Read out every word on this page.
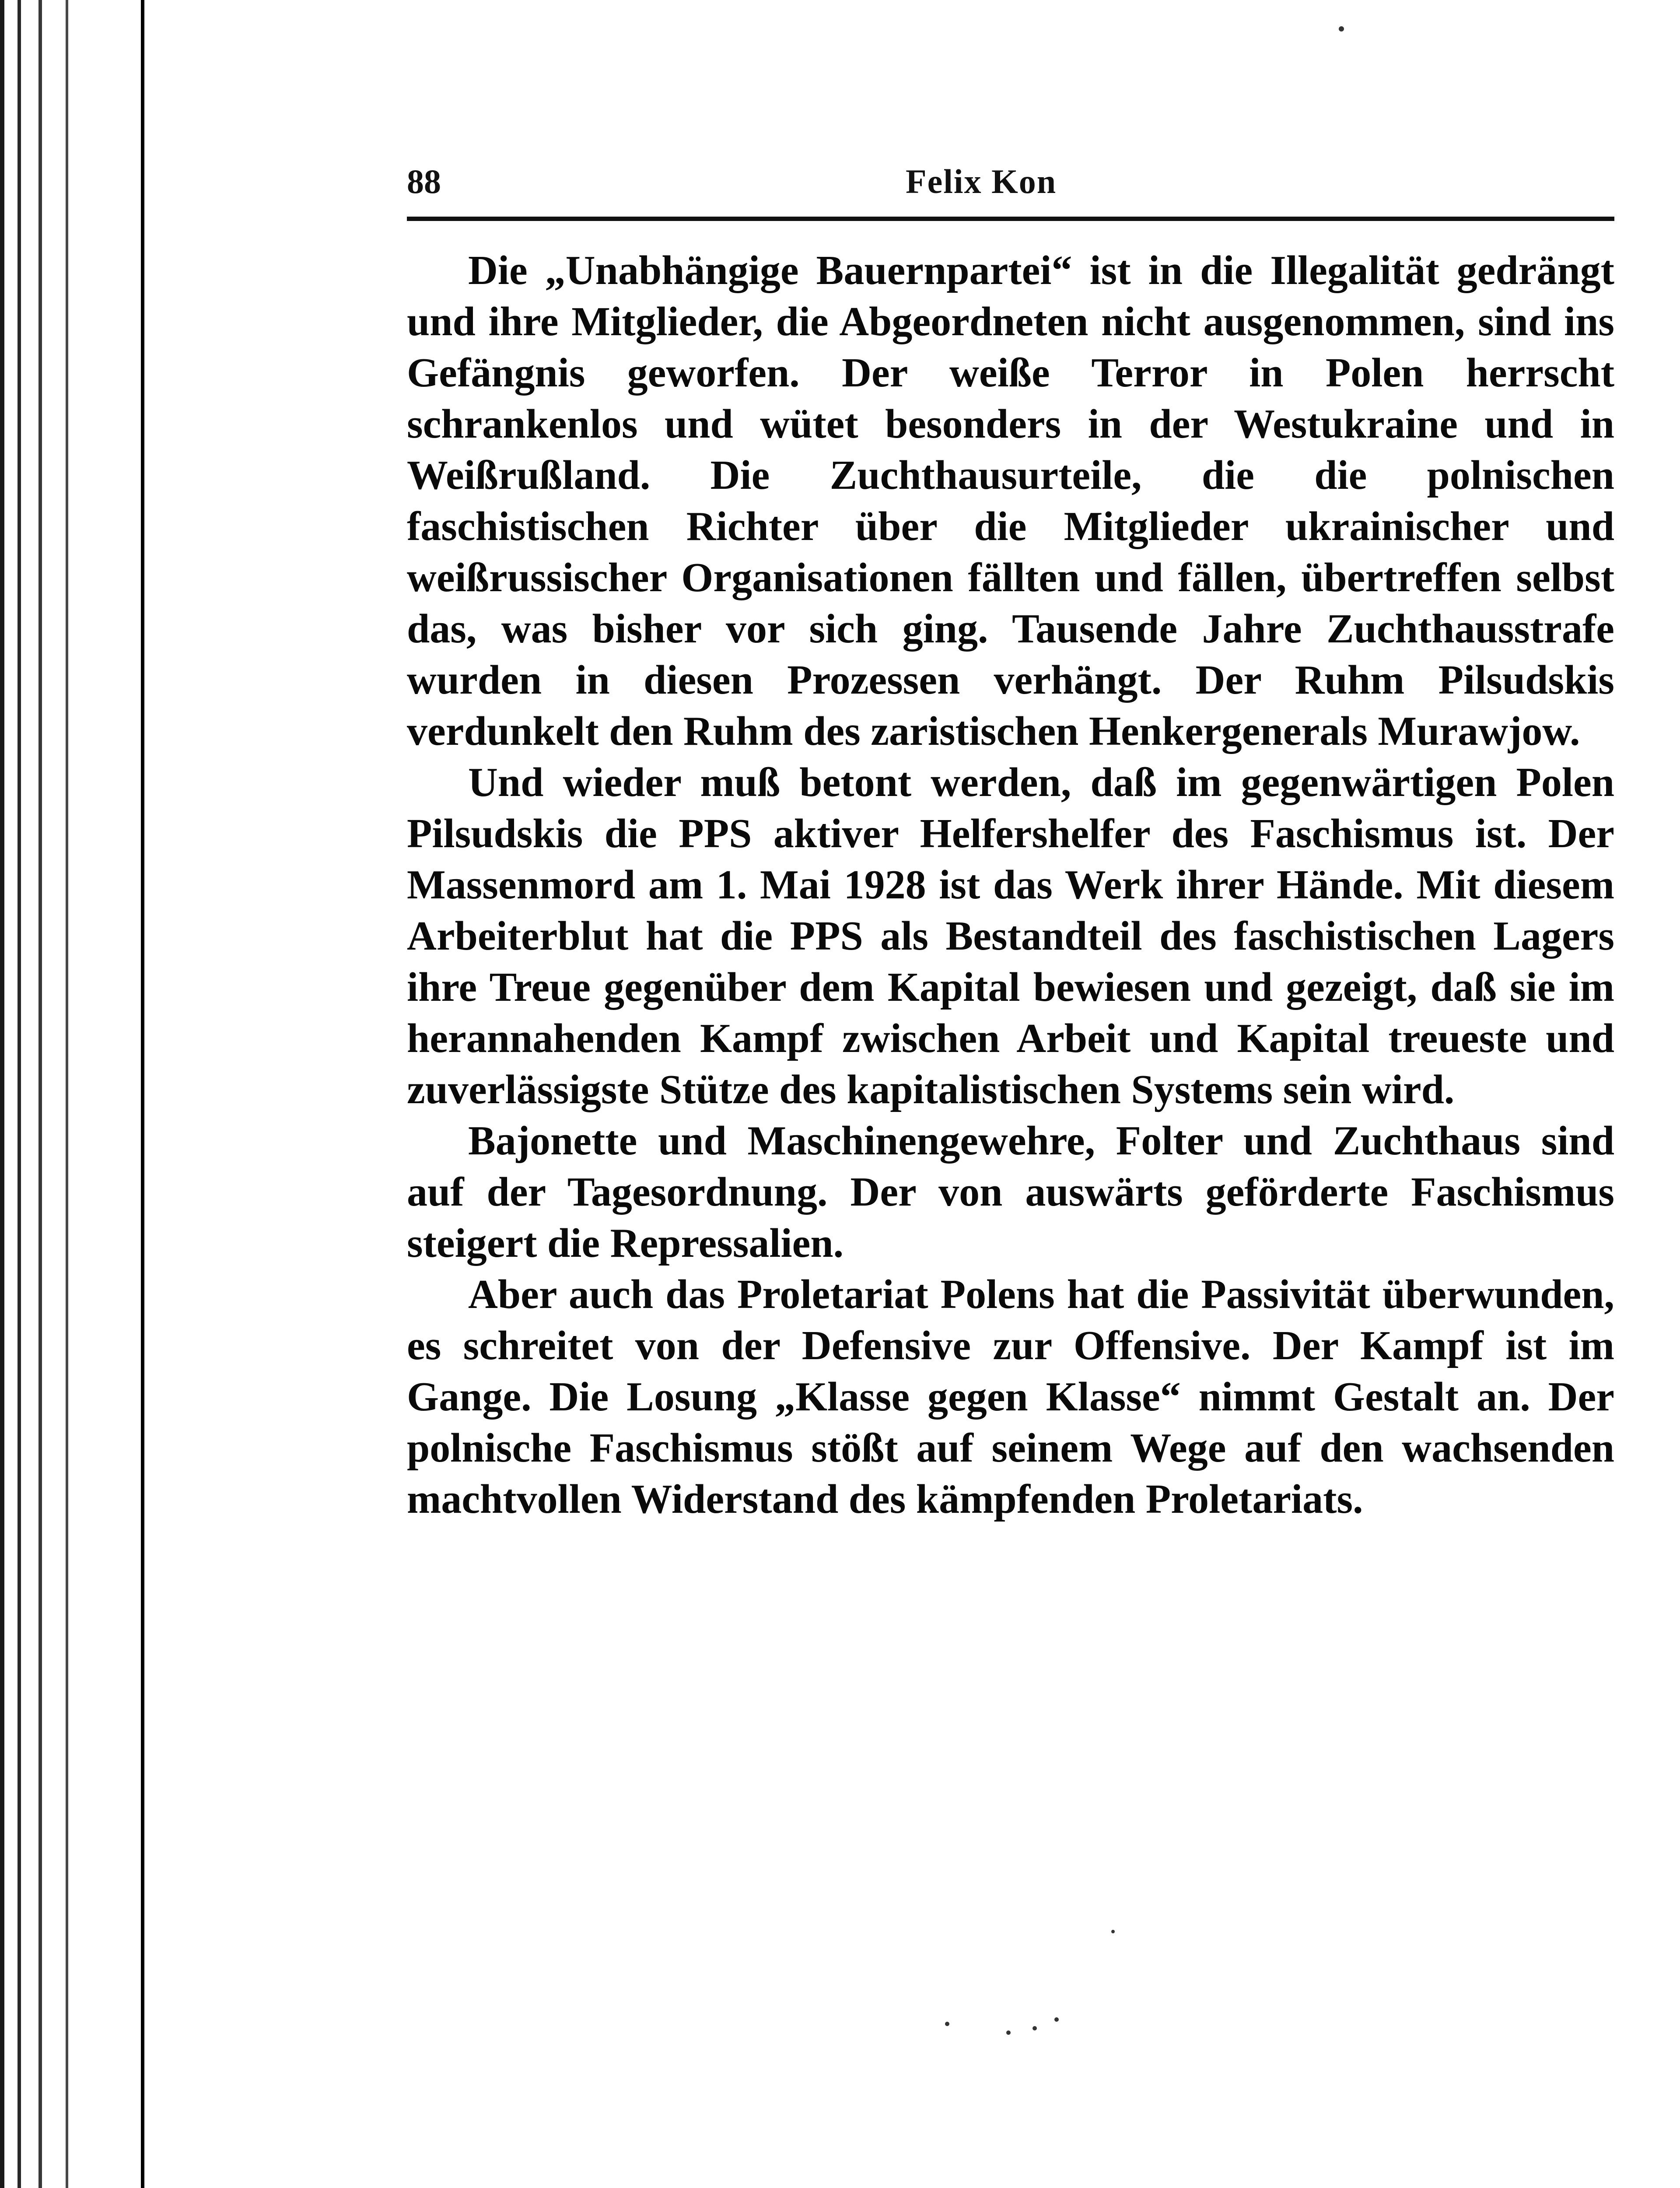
88	Felix Kon

Die „Unabhängige Bauernpartei“ ist in die Illegalität gedrängt und ihre Mitglieder, die Abgeordneten nicht ausgenommen, sind ins Gefängnis geworfen. Der weiße Terror in Polen herrscht schrankenlos und wütet besonders in der Westukraine und in Weißrußland. Die Zuchthausurteile, die die polnischen faschistischen Richter über die Mitglieder ukrainischer und weißrussischer Organisationen fällten und fällen, übertreffen selbst das, was bisher vor sich ging. Tausende Jahre Zuchthausstrafe wurden in diesen Prozessen verhängt. Der Ruhm Pilsudskis verdunkelt den Ruhm des zaristischen Henkergenerals Murawjow.

Und wieder muß betont werden, daß im gegenwärtigen Polen Pilsudskis die PPS aktiver Helfershelfer des Faschismus ist. Der Massenmord am 1. Mai 1928 ist das Werk ihrer Hände. Mit diesem Arbeiterblut hat die PPS als Bestandteil des faschistischen Lagers ihre Treue gegenüber dem Kapital bewiesen und gezeigt, daß sie im herannahenden Kampf zwischen Arbeit und Kapital treueste und zuverlässigste Stütze des kapitalistischen Systems sein wird.

Bajonette und Maschinengewehre, Folter und Zuchthaus sind auf der Tagesordnung. Der von auswärts geförderte Faschismus steigert die Repressalien.

Aber auch das Proletariat Polens hat die Passivität überwunden, es schreitet von der Defensive zur Offensive. Der Kampf ist im Gange. Die Losung „Klasse gegen Klasse“ nimmt Gestalt an. Der polnische Faschismus stößt auf seinem Wege auf den wachsenden machtvollen Widerstand des kämpfenden Proletariats.
